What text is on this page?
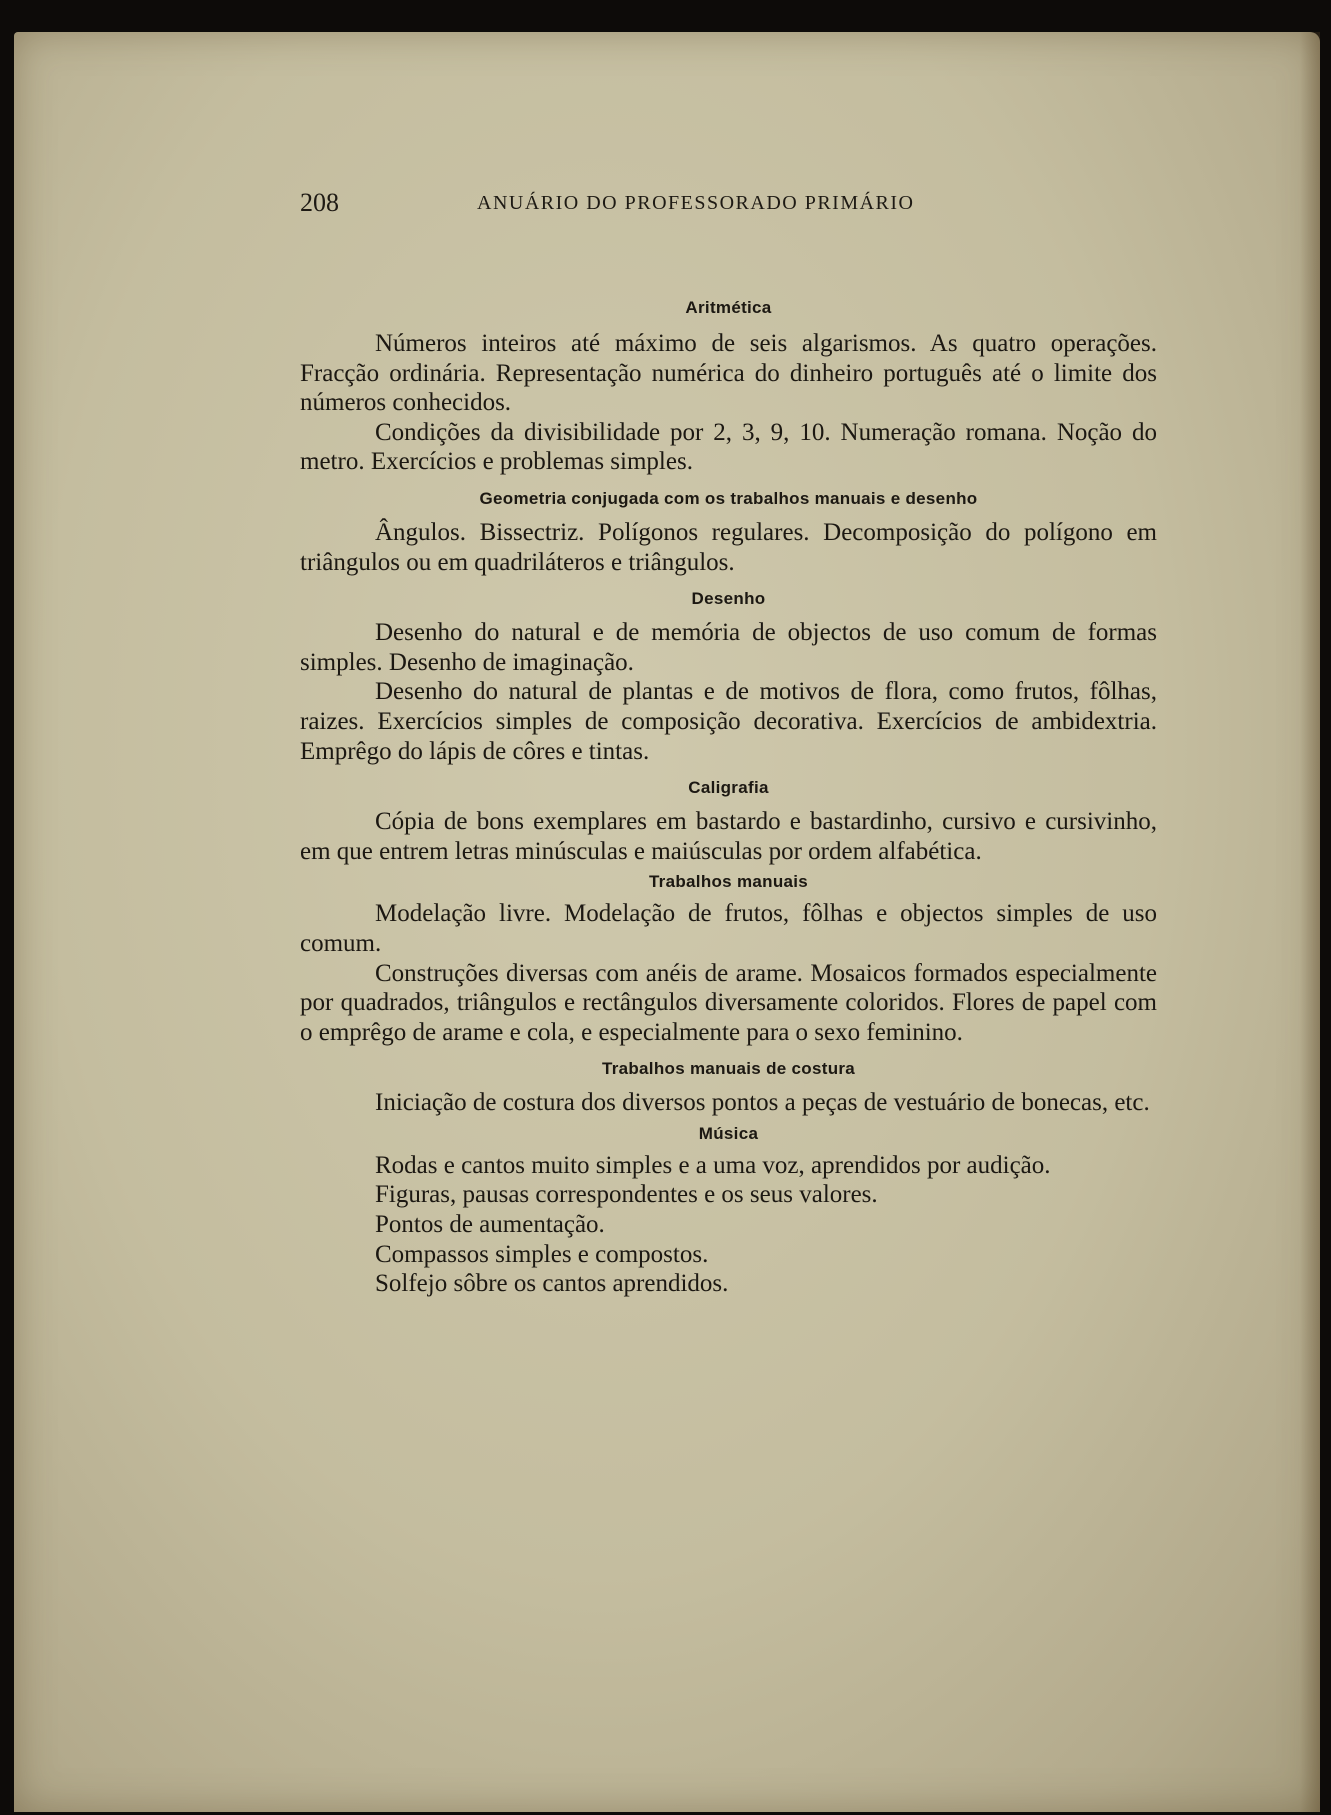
208	ANUÁRIO DO PROFESSORADO PRIMÁRIO

Aritmética

Números inteiros até máximo de seis algarismos. As quatro operações. Fracção ordinária. Representação numérica do dinheiro português até o limite dos números conhecidos.

Condições da divisibilidade por 2, 3, 9, 10. Numeração romana. Noção do metro. Exercícios e problemas simples.

Geometria conjugada com os trabalhos manuais e desenho

Ângulos. Bissectriz. Polígonos regulares. Decomposição do polígono em triângulos ou em quadriláteros e triângulos.

Desenho

Desenho do natural e de memória de objectos de uso comum de formas simples. Desenho de imaginação.

Desenho do natural de plantas e de motivos de flora, como frutos, fôlhas, raizes. Exercícios simples de composição decorativa. Exercícios de ambidextria. Emprêgo do lápis de côres e tintas.

Caligrafia

Cópia de bons exemplares em bastardo e bastardinho, cursivo e cursivinho, em que entrem letras minúsculas e maiúsculas por ordem alfabética.

Trabalhos manuais

Modelação livre. Modelação de frutos, fôlhas e objectos simples de uso comum.

Construções diversas com anéis de arame. Mosaicos formados especialmente por quadrados, triângulos e rectângulos diversamente coloridos. Flores de papel com o emprêgo de arame e cola, e especialmente para o sexo feminino.

Trabalhos manuais de costura

Iniciação de costura dos diversos pontos a peças de vestuário de bonecas, etc.

Música

Rodas e cantos muito simples e a uma voz, aprendidos por audição.

Figuras, pausas correspondentes e os seus valores.

Pontos de aumentação.

Compassos simples e compostos.

Solfejo sôbre os cantos aprendidos.
